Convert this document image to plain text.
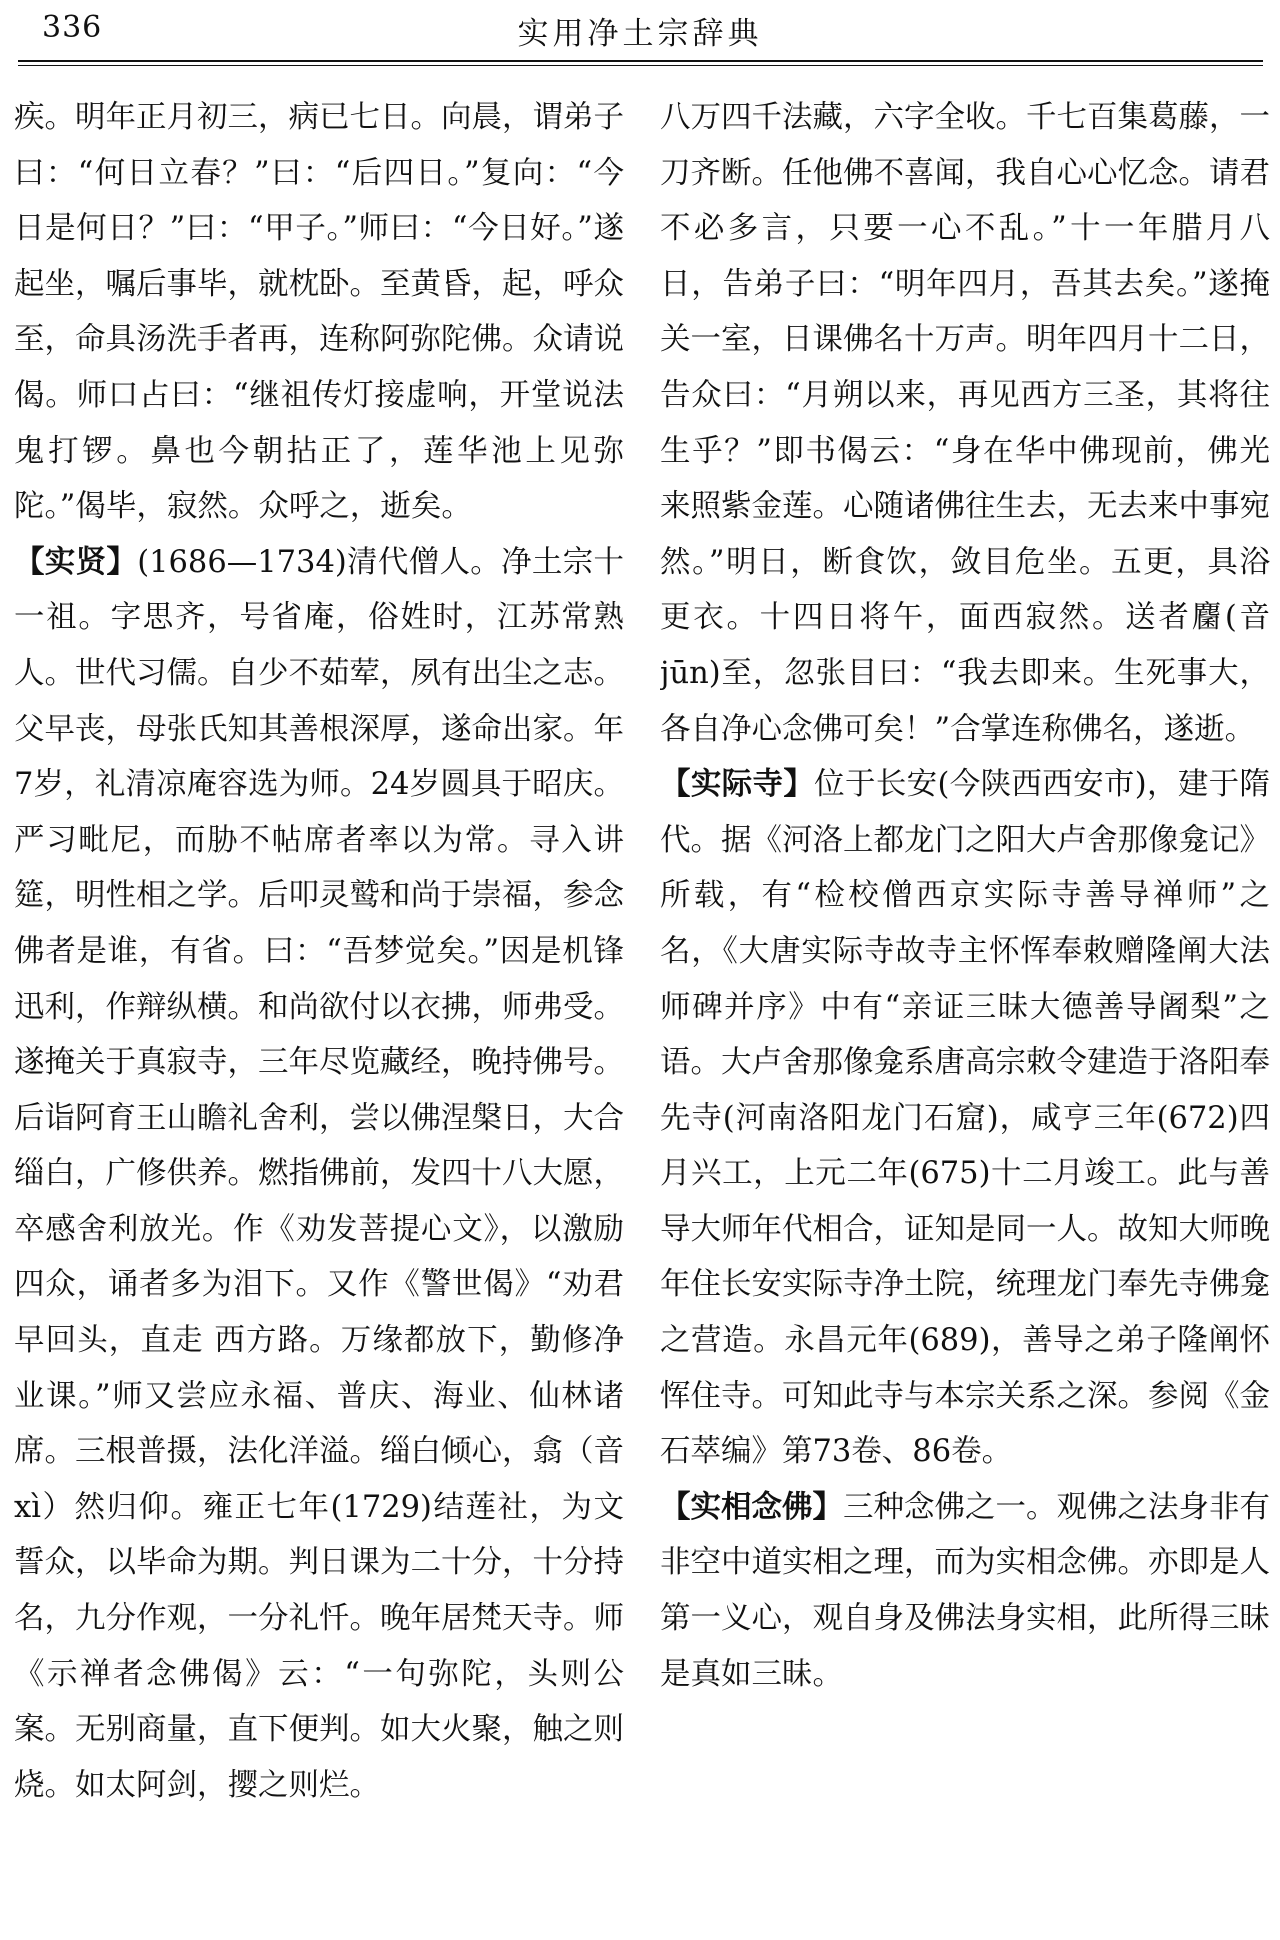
336	实用净土宗辞典

疾。明年正月初三，病已七日。向晨，谓弟子曰：“何日立春？”曰：“后四日。”复向：“今日是何日？”曰：“甲子。”师曰：“今日好。”遂起坐，嘱后事毕，就枕卧。至黄昏，起，呼众至，命具汤洗手者再，连称阿弥陀佛。众请说偈。师口占曰：“继祖传灯接虚响，开堂说法鬼打锣。鼻也今朝拈正了，莲华池上见弥陀。”偈毕，寂然。众呼之，逝矣。

【实贤】(1686—1734)清代僧人。净土宗十一祖。字思齐，号省庵，俗姓时，江苏常熟人。世代习儒。自少不茹荤，夙有出尘之志。父早丧，母张氏知其善根深厚，遂命出家。年7岁，礼清凉庵容选为师。24岁圆具于昭庆。严习毗尼，而胁不帖席者率以为常。寻入讲筵，明性相之学。后叩灵鹫和尚于崇福，参念佛者是谁，有省。曰：“吾梦觉矣。”因是机锋迅利，作辩纵横。和尚欲付以衣拂，师弗受。遂掩关于真寂寺，三年尽览藏经，晚持佛号。后诣阿育王山瞻礼舍利，尝以佛涅槃日，大合缁白，广修供养。燃指佛前，发四十八大愿，卒感舍利放光。作《劝发菩提心文》，以激励四众，诵者多为泪下。又作《警世偈》“劝君早回头，直走 西方路。万缘都放下，勤修净业课。”师又尝应永福、普庆、海业、仙林诸席。三根普摄，法化洋溢。缁白倾心，翕（音 xì）然归仰。雍正七年(1729)结莲社，为文誓众，以毕命为期。判日课为二十分，十分持名，九分作观，一分礼忏。晚年居梵天寺。师《示禅者念佛偈》云：“一句弥陀，头则公案。无别商量，直下便判。如大火聚，触之则烧。如太阿剑，撄之则烂。

八万四千法藏，六字全收。千七百集葛藤，一刀齐断。任他佛不喜闻，我自心心忆念。请君不必多言，只要一心不乱。”十一年腊月八日，告弟子曰：“明年四月，吾其去矣。”遂掩关一室，日课佛名十万声。明年四月十二日，告众曰：“月朔以来，再见西方三圣，其将往生乎？”即书偈云：“身在华中佛现前，佛光来照紫金莲。心随诸佛往生去，无去来中事宛然。”明日，断食饮，敛目危坐。五更，具浴更衣。十四日将午，面西寂然。送者麕(音 jūn)至，忽张目曰：“我去即来。生死事大，各自净心念佛可矣！”合掌连称佛名，遂逝。

【实际寺】位于长安(今陕西西安市)，建于隋代。据《河洛上都龙门之阳大卢舍那像龛记》所载，有“检校僧西京实际寺善导禅师”之名，《大唐实际寺故寺主怀恽奉敕赠隆阐大法师碑并序》中有“亲证三昧大德善导阇梨”之语。大卢舍那像龛系唐高宗敕令建造于洛阳奉先寺(河南洛阳龙门石窟)，咸亨三年(672)四月兴工，上元二年(675)十二月竣工。此与善导大师年代相合，证知是同一人。故知大师晚年住长安实际寺净土院，统理龙门奉先寺佛龛之营造。永昌元年(689)，善导之弟子隆阐怀恽住寺。可知此寺与本宗关系之深。参阅《金石萃编》第73卷、86卷。

【实相念佛】三种念佛之一。观佛之法身非有非空中道实相之理，而为实相念佛。亦即是人第一义心，观自身及佛法身实相，此所得三昧是真如三昧。
